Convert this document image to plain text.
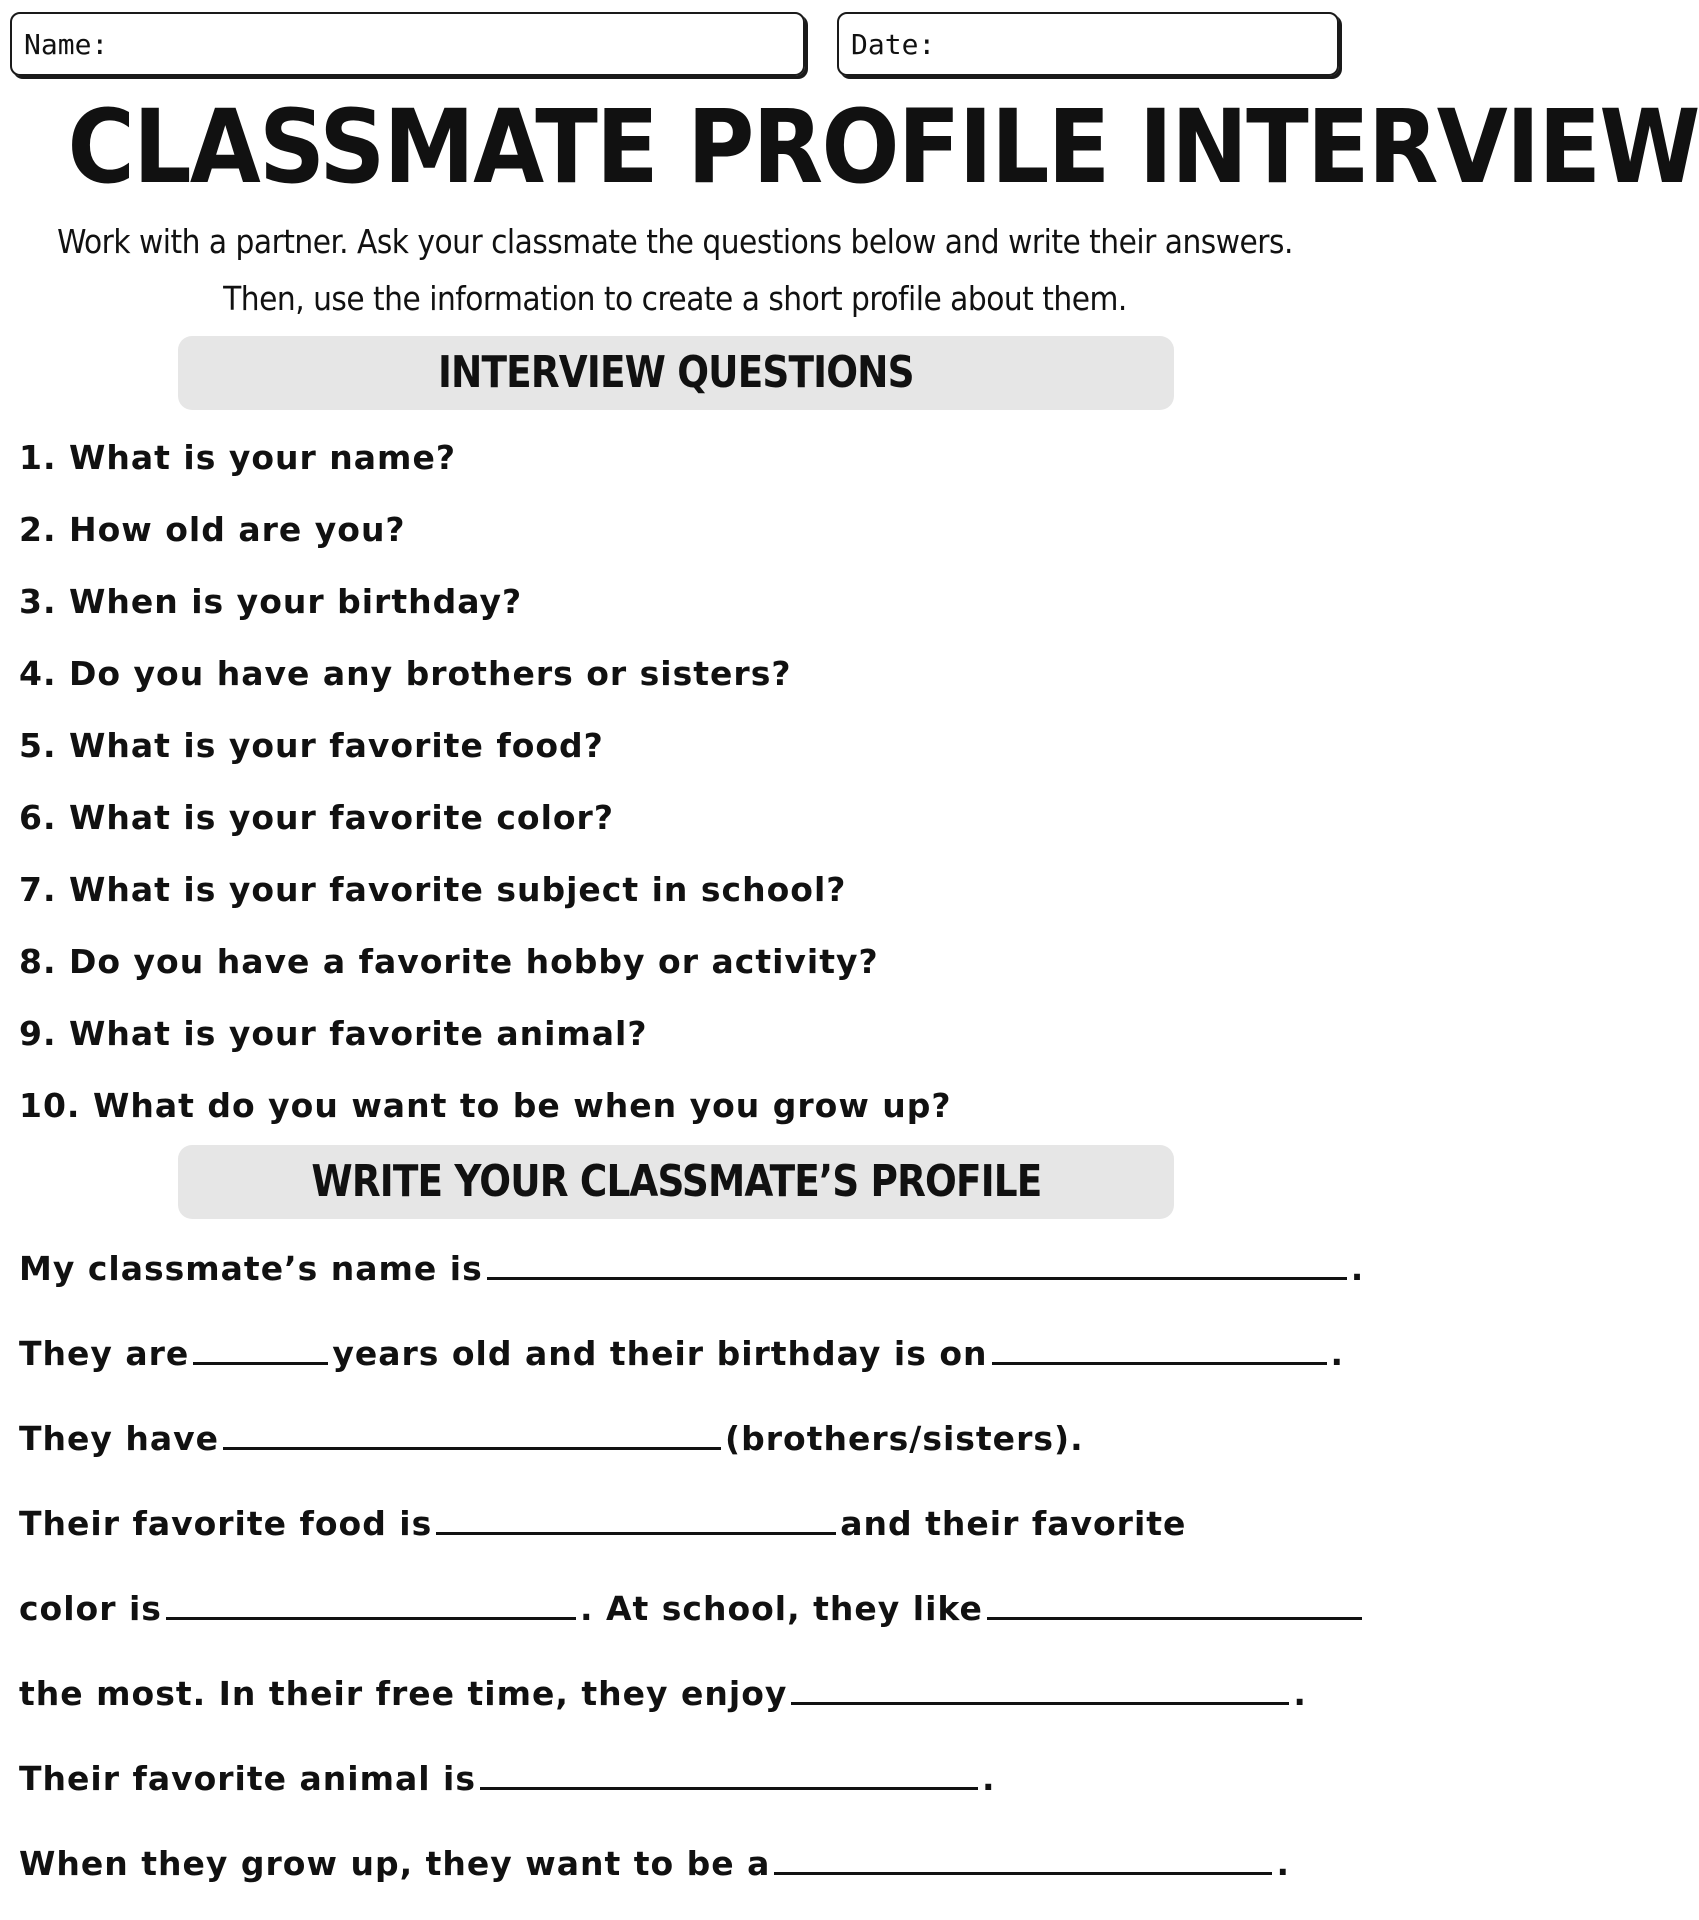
Name:	Date:
CLASSMATE PROFILE INTERVIEW
Work with a partner. Ask your classmate the questions below and write their answers.
Then, use the information to create a short profile about them.
INTERVIEW QUESTIONS
1. What is your name?
2. How old are you?
3. When is your birthday?
4. Do you have any brothers or sisters?
5. What is your favorite food?
6. What is your favorite color?
7. What is your favorite subject in school?
8. Do you have a favorite hobby or activity?
9. What is your favorite animal?
10. What do you want to be when you grow up?
WRITE YOUR CLASSMATE’S PROFILE
My classmate’s name is	.
They are	years old and their birthday is on	.
They have	(brothers/sisters).
Their favorite food is	and their favorite
color is	. At school, they like
the most. In their free time, they enjoy	.
Their favorite animal is	.
When they grow up, they want to be a	.
